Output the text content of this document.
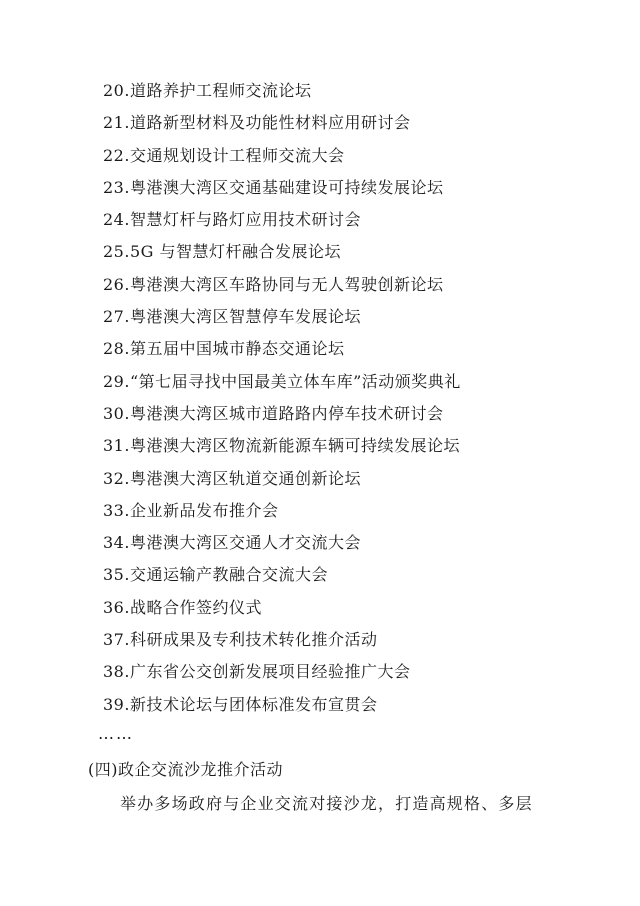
20.道路养护工程师交流论坛
21.道路新型材料及功能性材料应用研讨会
22.交通规划设计工程师交流大会
23.粤港澳大湾区交通基础建设可持续发展论坛
24.智慧灯杆与路灯应用技术研讨会
25.5G 与智慧灯杆融合发展论坛
26.粤港澳大湾区车路协同与无人驾驶创新论坛
27.粤港澳大湾区智慧停车发展论坛
28.第五届中国城市静态交通论坛
29.“第七届寻找中国最美立体车库”活动颁奖典礼
30.粤港澳大湾区城市道路路内停车技术研讨会
31.粤港澳大湾区物流新能源车辆可持续发展论坛
32.粤港澳大湾区轨道交通创新论坛
33.企业新品发布推介会
34.粤港澳大湾区交通人才交流大会
35.交通运输产教融合交流大会
36.战略合作签约仪式
37.科研成果及专利技术转化推介活动
38.广东省公交创新发展项目经验推广大会
39.新技术论坛与团体标准发布宣贯会
……
(四)政企交流沙龙推介活动
举办多场政府与企业交流对接沙龙，打造高规格、多层
